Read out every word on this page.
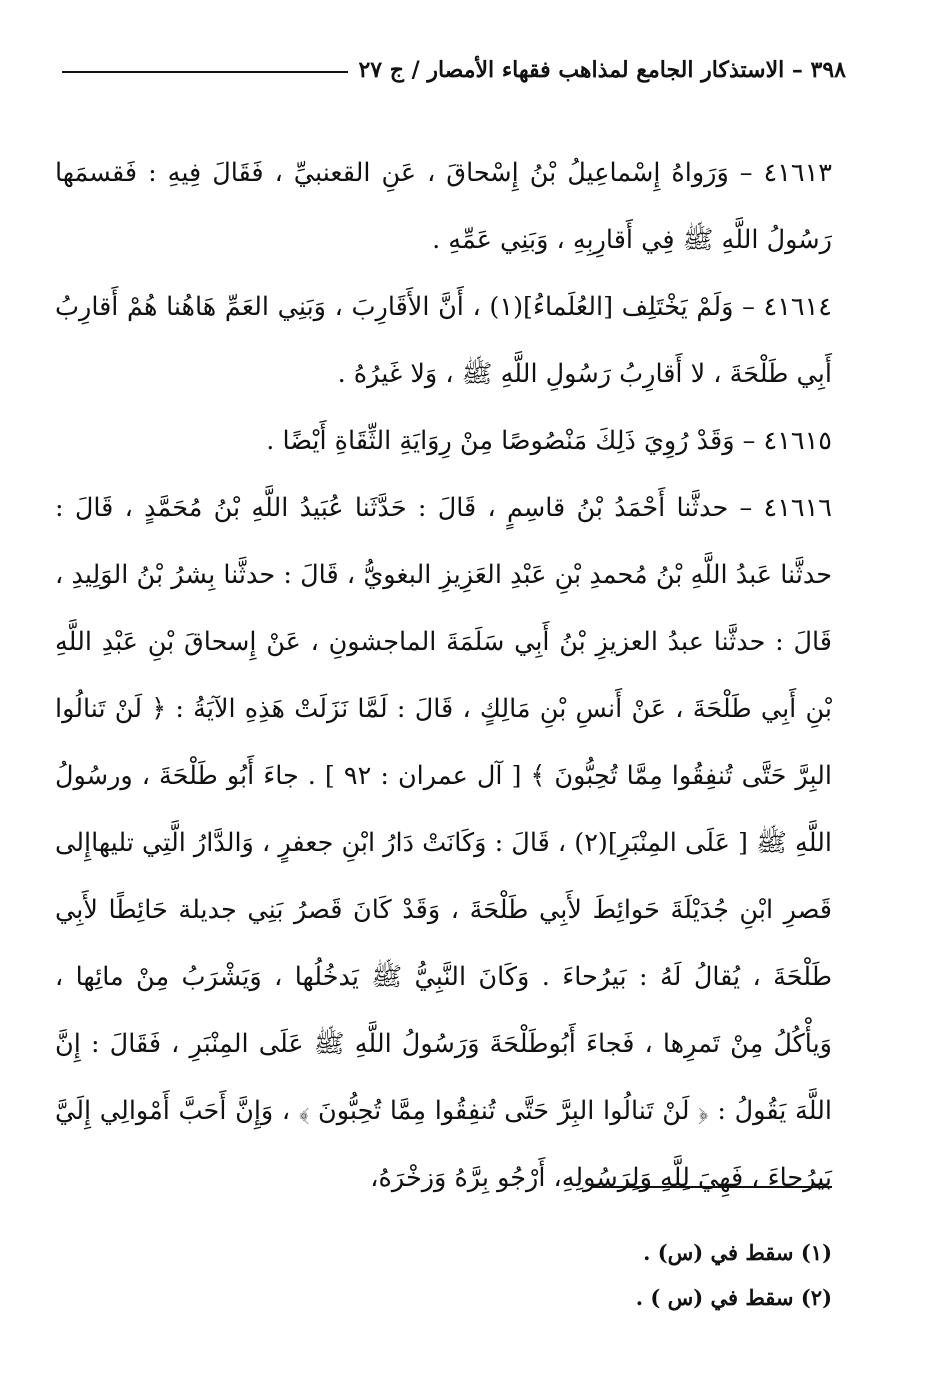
٣٩٨ – الاستذكار الجامع لمذاهب فقهاء الأمصار / ج ٢٧

٤١٦١٣ – وَرَواهُ إِسْماعِيلُ بْنُ إِسْحاقَ ، عَنِ القعنبيِّ ، فَقَالَ فِيهِ : فَقسمَها رَسُولُ اللَّهِ ﷺ فِي أَقارِبِهِ ، وَبَنِي عَمِّهِ .

٤١٦١٤ – وَلَمْ يَخْتَلِف [العُلَماءُ](١) ، أَنَّ الأَقَارِبَ ، وَبَنِي العَمِّ هَاهُنا هُمْ أَقارِبُ أَبِي طَلْحَةَ ، لا أَقارِبُ رَسُولِ اللَّهِ ﷺ ، وَلا غَيرُهُ .

٤١٦١٥ – وَقَدْ رُوِيَ ذَلِكَ مَنْصُوصًا مِنْ رِوَايَةِ الثِّقَاةِ أَيْضًا .

٤١٦١٦ – حدثَّنا أَحْمَدُ بْنُ قاسِمٍ ، قَالَ : حَدَّثَنا عُبَيدُ اللَّهِ بْنُ مُحَمَّدٍ ، قَالَ : حدثَّنا عَبدُ اللَّهِ بْنُ مُحمدِ بْنِ عَبْدِ العَزِيزِ البغويُّ ، قَالَ : حدثَّنا بِشرُ بْنُ الوَلِيدِ ، قَالَ : حدثَّنا عبدُ العزيزِ بْنُ أَبِي سَلَمَةَ الماجشونِ ، عَنْ إِسحاقَ بْنِ عَبْدِ اللَّهِ بْنِ أَبِي طَلْحَةَ ، عَنْ أَنسِ بْنِ مَالِكٍ ، قَالَ : لَمَّا نَزَلَتْ هَذِهِ الآيَةُ : ﴿ لَنْ تَنالُوا البِرَّ حَتَّى تُنفِقُوا مِمَّا تُحِبُّونَ ﴾ [ آل عمران : ٩٢ ] . جاءَ أَبُو طَلْحَةَ ، ورسُولُ اللَّهِ ﷺ [ عَلَى المِنْبَرِ](٢) ، قَالَ : وَكَانَتْ دَارُ ابْنِ جعفرٍ ، وَالدَّارُ الَّتِي تليهاإِلى قَصرِ ابْنِ جُدَيْلَةَ حَوائِطَ لأَبِي طَلْحَةَ ، وَقَدْ كَانَ قَصرُ بَنِي جديلة حَائِطًا لأَبِي طَلْحَةَ ، يُقالُ لَهُ : بَيرُحاءَ . وَكَانَ النَّبِيُّ ﷺ يَدخُلُها ، وَيَشْرَبُ مِنْ مائِها ، وَيأْكُلُ مِنْ تَمرِها ، فَجاءَ أَبُوطَلْحَةَ وَرَسُولُ اللَّهِ ﷺ عَلَى المِنْبَرِ ، فَقَالَ : إِنَّ اللَّهَ يَقُولُ : ﴿ لَنْ تَنالُوا البِرَّ حَتَّى تُنفِقُوا مِمَّا تُحِبُّونَ ﴾ ، وَإِنَّ أَحَبَّ أَمْوالِي إِلَيَّ بَيرُحاءَ ، فَهِيَ لِلَّهِ وَلِرَسُولِهِ، أَرْجُو بِرَّهُ وَزخْرَهُ،

(١) سقط في (س) .

(٢) سقط في (س ) .
